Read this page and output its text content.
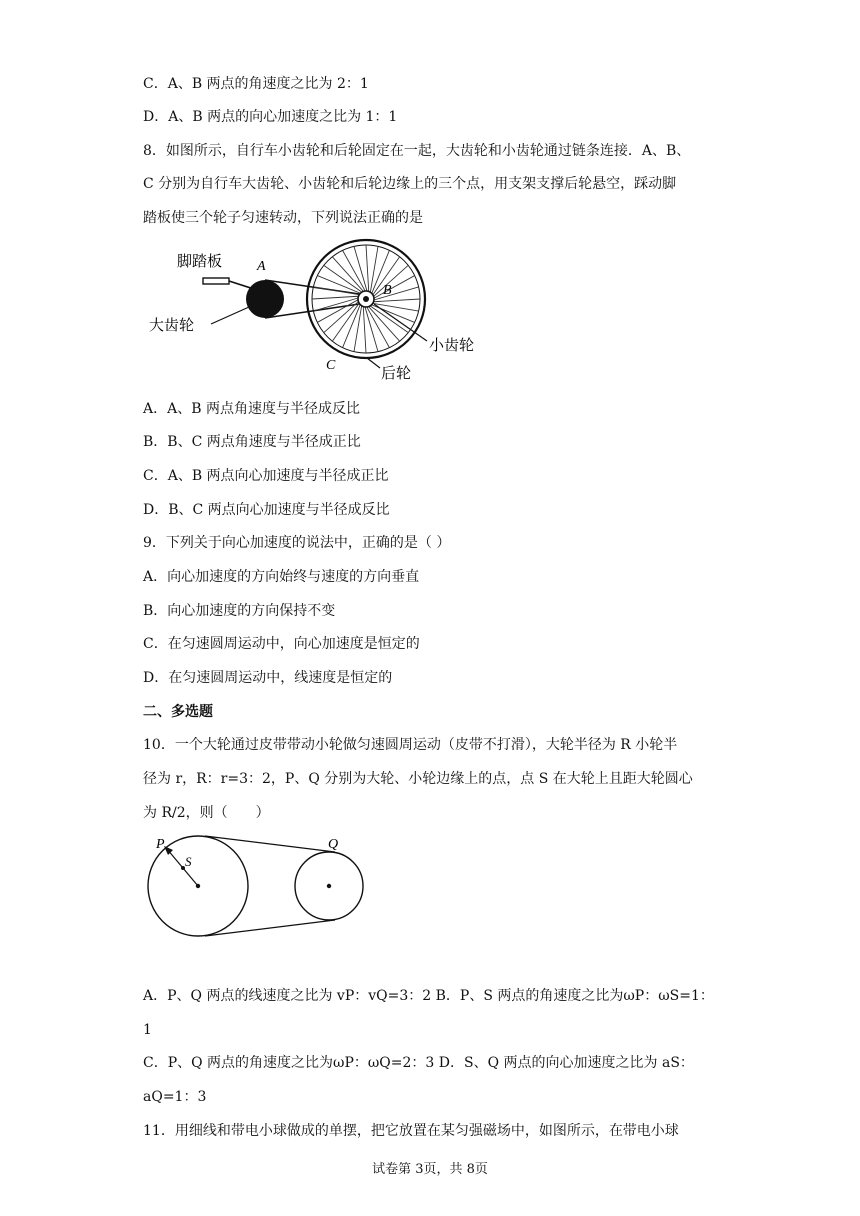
C．A、B 两点的角速度之比为 2：1
D．A、B 两点的向心加速度之比为 1：1
8．如图所示，自行车小齿轮和后轮固定在一起，大齿轮和小齿轮通过链条连接．A、B、
C 分别为自行车大齿轮、小齿轮和后轮边缘上的三个点，用支架支撑后轮悬空，踩动脚
踏板使三个轮子匀速转动，下列说法正确的是
脚踏板 A
B
大齿轮
小齿轮
C	后轮
A．A、B 两点角速度与半径成反比
B．B、C 两点角速度与半径成正比
C．A、B 两点向心加速度与半径成正比
D．B、C 两点向心加速度与半径成反比
9．下列关于向心加速度的说法中，正确的是（ ）
A．向心加速度的方向始终与速度的方向垂直
B．向心加速度的方向保持不变
C．在匀速圆周运动中，向心加速度是恒定的
D．在匀速圆周运动中，线速度是恒定的
二、多选题
10．一个大轮通过皮带带动小轮做匀速圆周运动（皮带不打滑），大轮半径为 R 小轮半
径为 r，R：r=3：2，P、Q 分别为大轮、小轮边缘上的点，点 S 在大轮上且距大轮圆心
为 R/2，则（　　）
P
S
Q
A．P、Q 两点的线速度之比为 vP：vQ=3：2 B．P、S 两点的角速度之比为ωP：ωS=1：
1
C．P、Q 两点的角速度之比为ωP：ωQ=2：3 D．S、Q 两点的向心加速度之比为 aS：
aQ=1：3
11．用细线和带电小球做成的单摆，把它放置在某匀强磁场中，如图所示，在带电小球
试卷第 3页，共 8页
